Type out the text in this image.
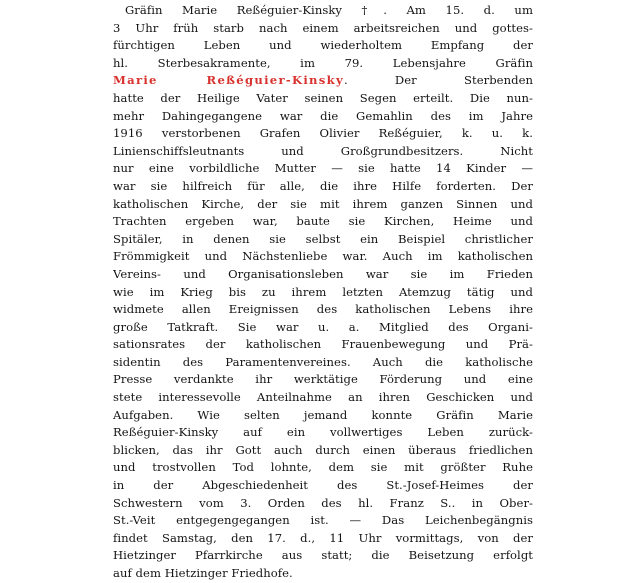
Gräfin Marie Reßéguier-Kinsky †. Am 15. d. um
3 Uhr früh starb nach einem arbeitsreichen und gottes-
fürchtigen Leben und wiederholtem Empfang der
hl. Sterbesakramente, im 79. Lebensjahre Gräfin
Marie Reßéguier-Kinsky. Der Sterbenden
hatte der Heilige Vater seinen Segen erteilt. Die nun-
mehr Dahingegangene war die Gemahlin des im Jahre
1916 verstorbenen Grafen Olivier Reßéguier, k. u. k.
Linienschiffsleutnants und Großgrundbesitzers. Nicht
nur eine vorbildliche Mutter — sie hatte 14 Kinder —
war sie hilfreich für alle, die ihre Hilfe forderten. Der
katholischen Kirche, der sie mit ihrem ganzen Sinnen und
Trachten ergeben war, baute sie Kirchen, Heime und
Spitäler, in denen sie selbst ein Beispiel christlicher
Frömmigkeit und Nächstenliebe war. Auch im katholischen
Vereins- und Organisationsleben war sie im Frieden
wie im Krieg bis zu ihrem letzten Atemzug tätig und
widmete allen Ereignissen des katholischen Lebens ihre
große Tatkraft. Sie war u. a. Mitglied des Organi-
sationsrates der katholischen Frauenbewegung und Prä-
sidentin des Paramentenvereines. Auch die katholische
Presse verdankte ihr werktätige Förderung und eine
stete interessevolle Anteilnahme an ihren Geschicken und
Aufgaben. Wie selten jemand konnte Gräfin Marie
Reßéguier-Kinsky auf ein vollwertiges Leben zurück-
blicken, das ihr Gott auch durch einen überaus friedlichen
und trostvollen Tod lohnte, dem sie mit größter Ruhe
in der Abgeschiedenheit des St.-Josef-Heimes der
Schwestern vom 3. Orden des hl. Franz S.. in Ober-
St.-Veit entgegengegangen ist. — Das Leichenbegängnis
findet Samstag, den 17. d., 11 Uhr vormittags, von der
Hietzinger Pfarrkirche aus statt; die Beisetzung erfolgt
auf dem Hietzinger Friedhofe.
